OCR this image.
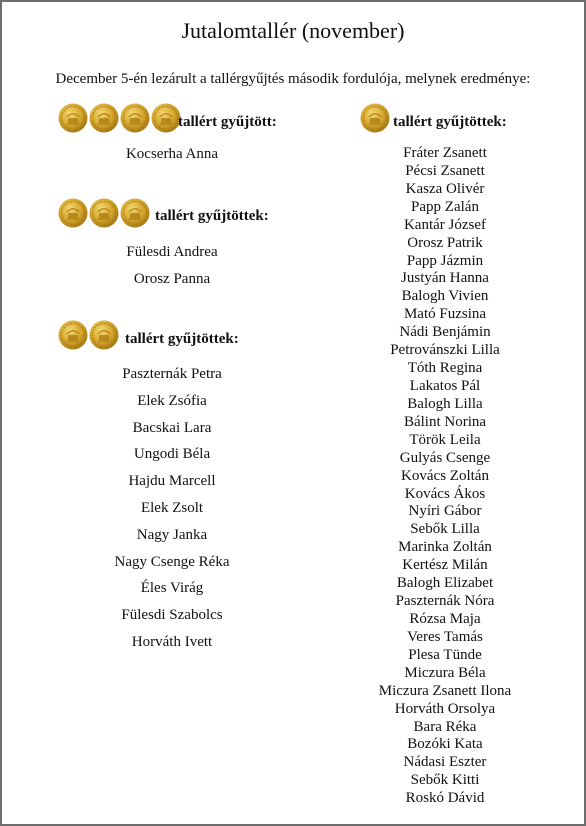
Jutalomtallér (november)
December 5-én lezárult a tallérgyűjtés második fordulója, melynek eredménye:
tallért gyűjtött:
Kocserha Anna
tallért gyűjtöttek:
Fülesdi Andrea
Orosz Panna
tallért gyűjtöttek:
Paszternák Petra
Elek Zsófia
Bacskai Lara
Ungodi Béla
Hajdu Marcell
Elek Zsolt
Nagy Janka
Nagy Csenge Réka
Éles Virág
Fülesdi Szabolcs
Horváth Ivett
tallért gyűjtöttek:
Fráter Zsanett
Pécsi Zsanett
Kasza Olivér
Papp Zalán
Kantár József
Orosz Patrik
Papp Jázmin
Justyán Hanna
Balogh Vivien
Mató Fuzsina
Nádi Benjámin
Petrovánszki Lilla
Tóth Regina
Lakatos Pál
Balogh Lilla
Bálint Norina
Török Leila
Gulyás Csenge
Kovács Zoltán
Kovács Ákos
Nyíri Gábor
Sebők Lilla
Marinka Zoltán
Kertész Milán
Balogh Elizabet
Paszternák Nóra
Rózsa Maja
Veres Tamás
Plesa Tünde
Miczura Béla
Miczura Zsanett Ilona
Horváth Orsolya
Bara Réka
Bozóki Kata
Nádasi Eszter
Sebők Kitti
Roskó Dávid
